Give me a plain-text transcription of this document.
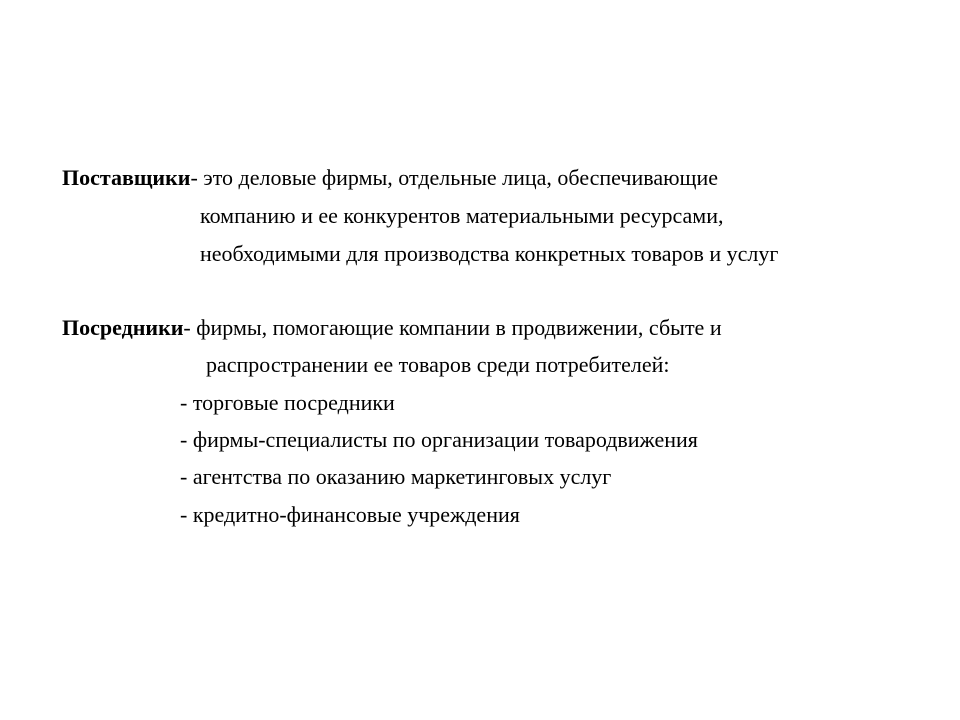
Поставщики- это деловые фирмы, отдельные лица, обеспечивающие
компанию и ее конкурентов материальными ресурсами,
необходимыми для производства конкретных товаров и услуг
Посредники- фирмы, помогающие компании в продвижении, сбыте и
распространении ее товаров среди потребителей:
- торговые посредники
- фирмы-специалисты по организации товародвижения
- агентства по оказанию маркетинговых услуг
- кредитно-финансовые учреждения
